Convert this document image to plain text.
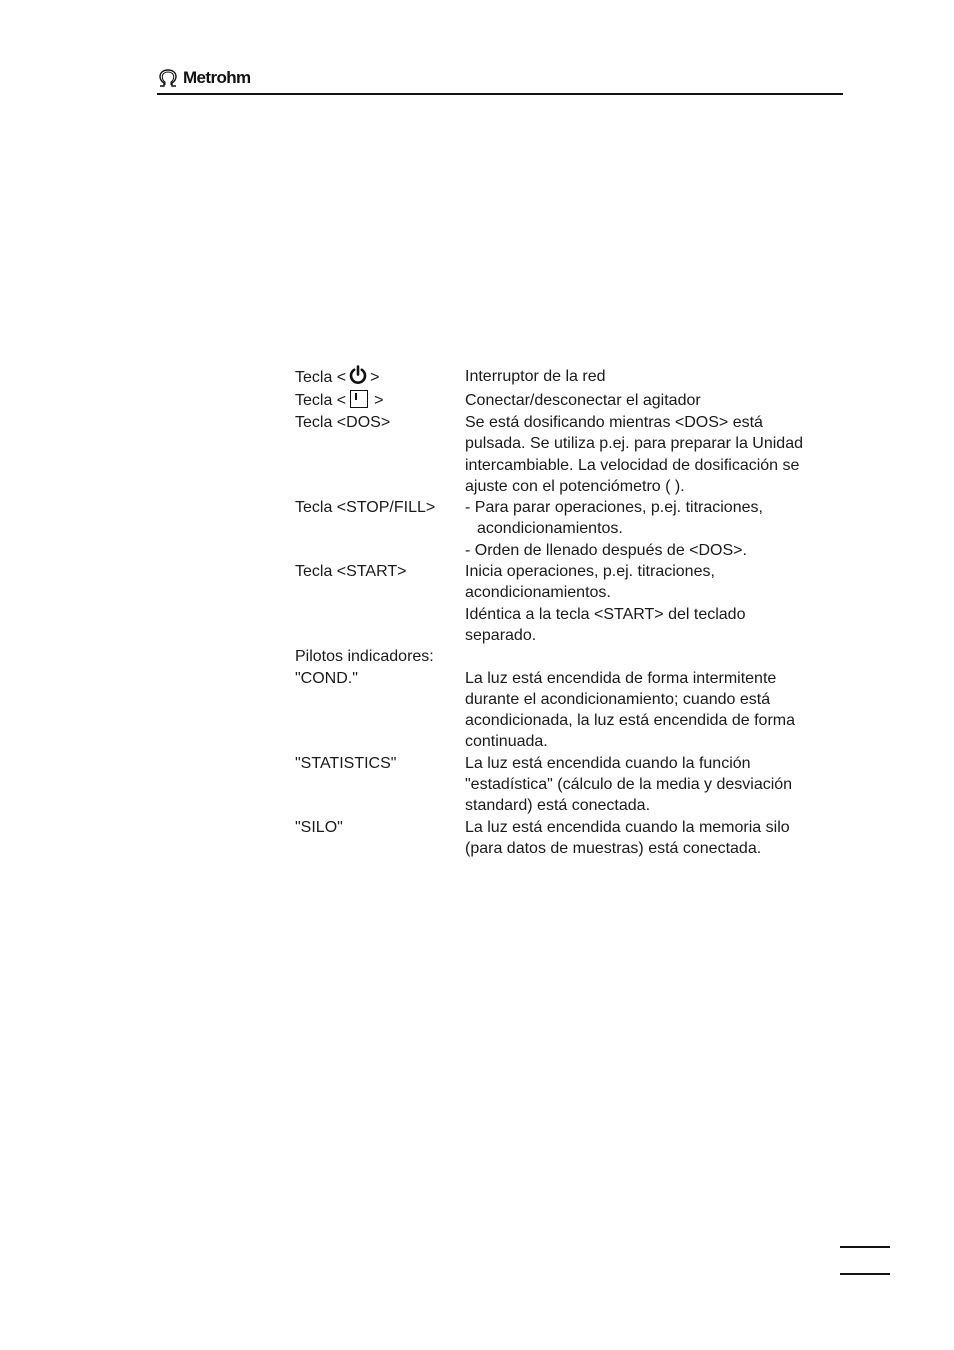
Metrohm
Tecla < >	Interruptor de la red

Tecla < >	Conectar/desconectar el agitador

Tecla <DOS>	Se está dosificando mientras <DOS> está

pulsada. Se utiliza p.ej. para preparar la Unidad

intercambiable. La velocidad de dosificación se

ajuste con el potenciómetro ( ).

Tecla <STOP/FILL>	- Para parar operaciones, p.ej. titraciones,

acondicionamientos.

- Orden de llenado después de <DOS>.

Tecla <START>	Inicia operaciones, p.ej. titraciones,

acondicionamientos.

Idéntica a la tecla <START> del teclado

separado.

Pilotos indicadores:
"COND."	La luz está encendida de forma intermitente

durante el acondicionamiento; cuando está

acondicionada, la luz está encendida de forma

continuada.

"STATISTICS"	La luz está encendida cuando la función

"estadística" (cálculo de la media y desviación

standard) está conectada.

"SILO"	La luz está encendida cuando la memoria silo

(para datos de muestras) está conectada.
